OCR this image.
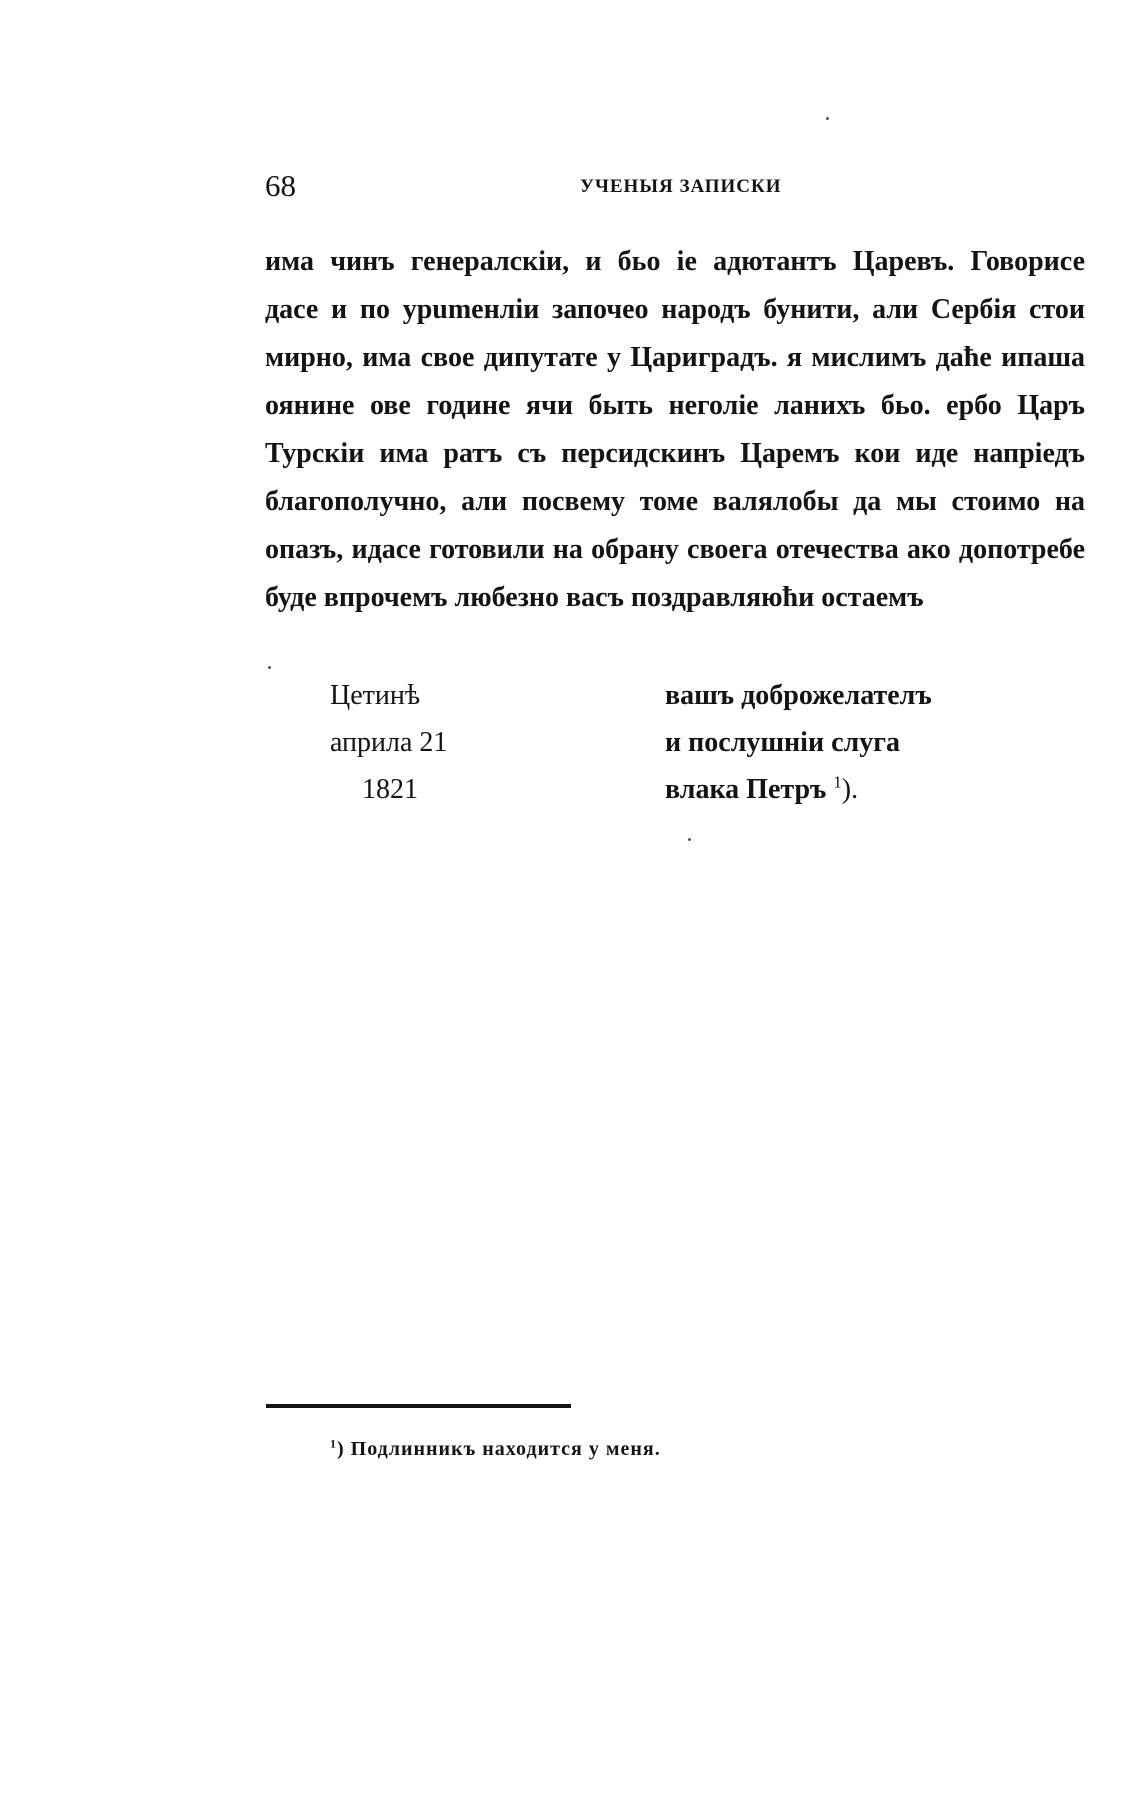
68	УЧЕНЫЯ ЗАПИСКИ
има чинъ генералскіи, и бьо іе адютантъ Царевъ. Говорисе
дасе и по урumенліи започео народъ бунити, али Сербія стои
мирно, има свое дипутате у Цариградъ. я мислимъ даħе ипаша
оянине ове године ячи быть неголіе ланихъ бьо. ербо Царъ
Турскіи има ратъ съ персидскинъ Царемъ кои иде напріедъ
благополучно, али посвему томе валялобы да мы стоимо на
опазъ, идасе готовили на обрану своега отечества ако допотребе
буде впрочемъ любезно васъ поздравляюħи остаемъ
Цетинѣ
априла 21
1821
вашъ доброжелателъ
и послушніи слуга
влака Петръ $^1$).
$^1$) Подлинникъ находится у меня.
